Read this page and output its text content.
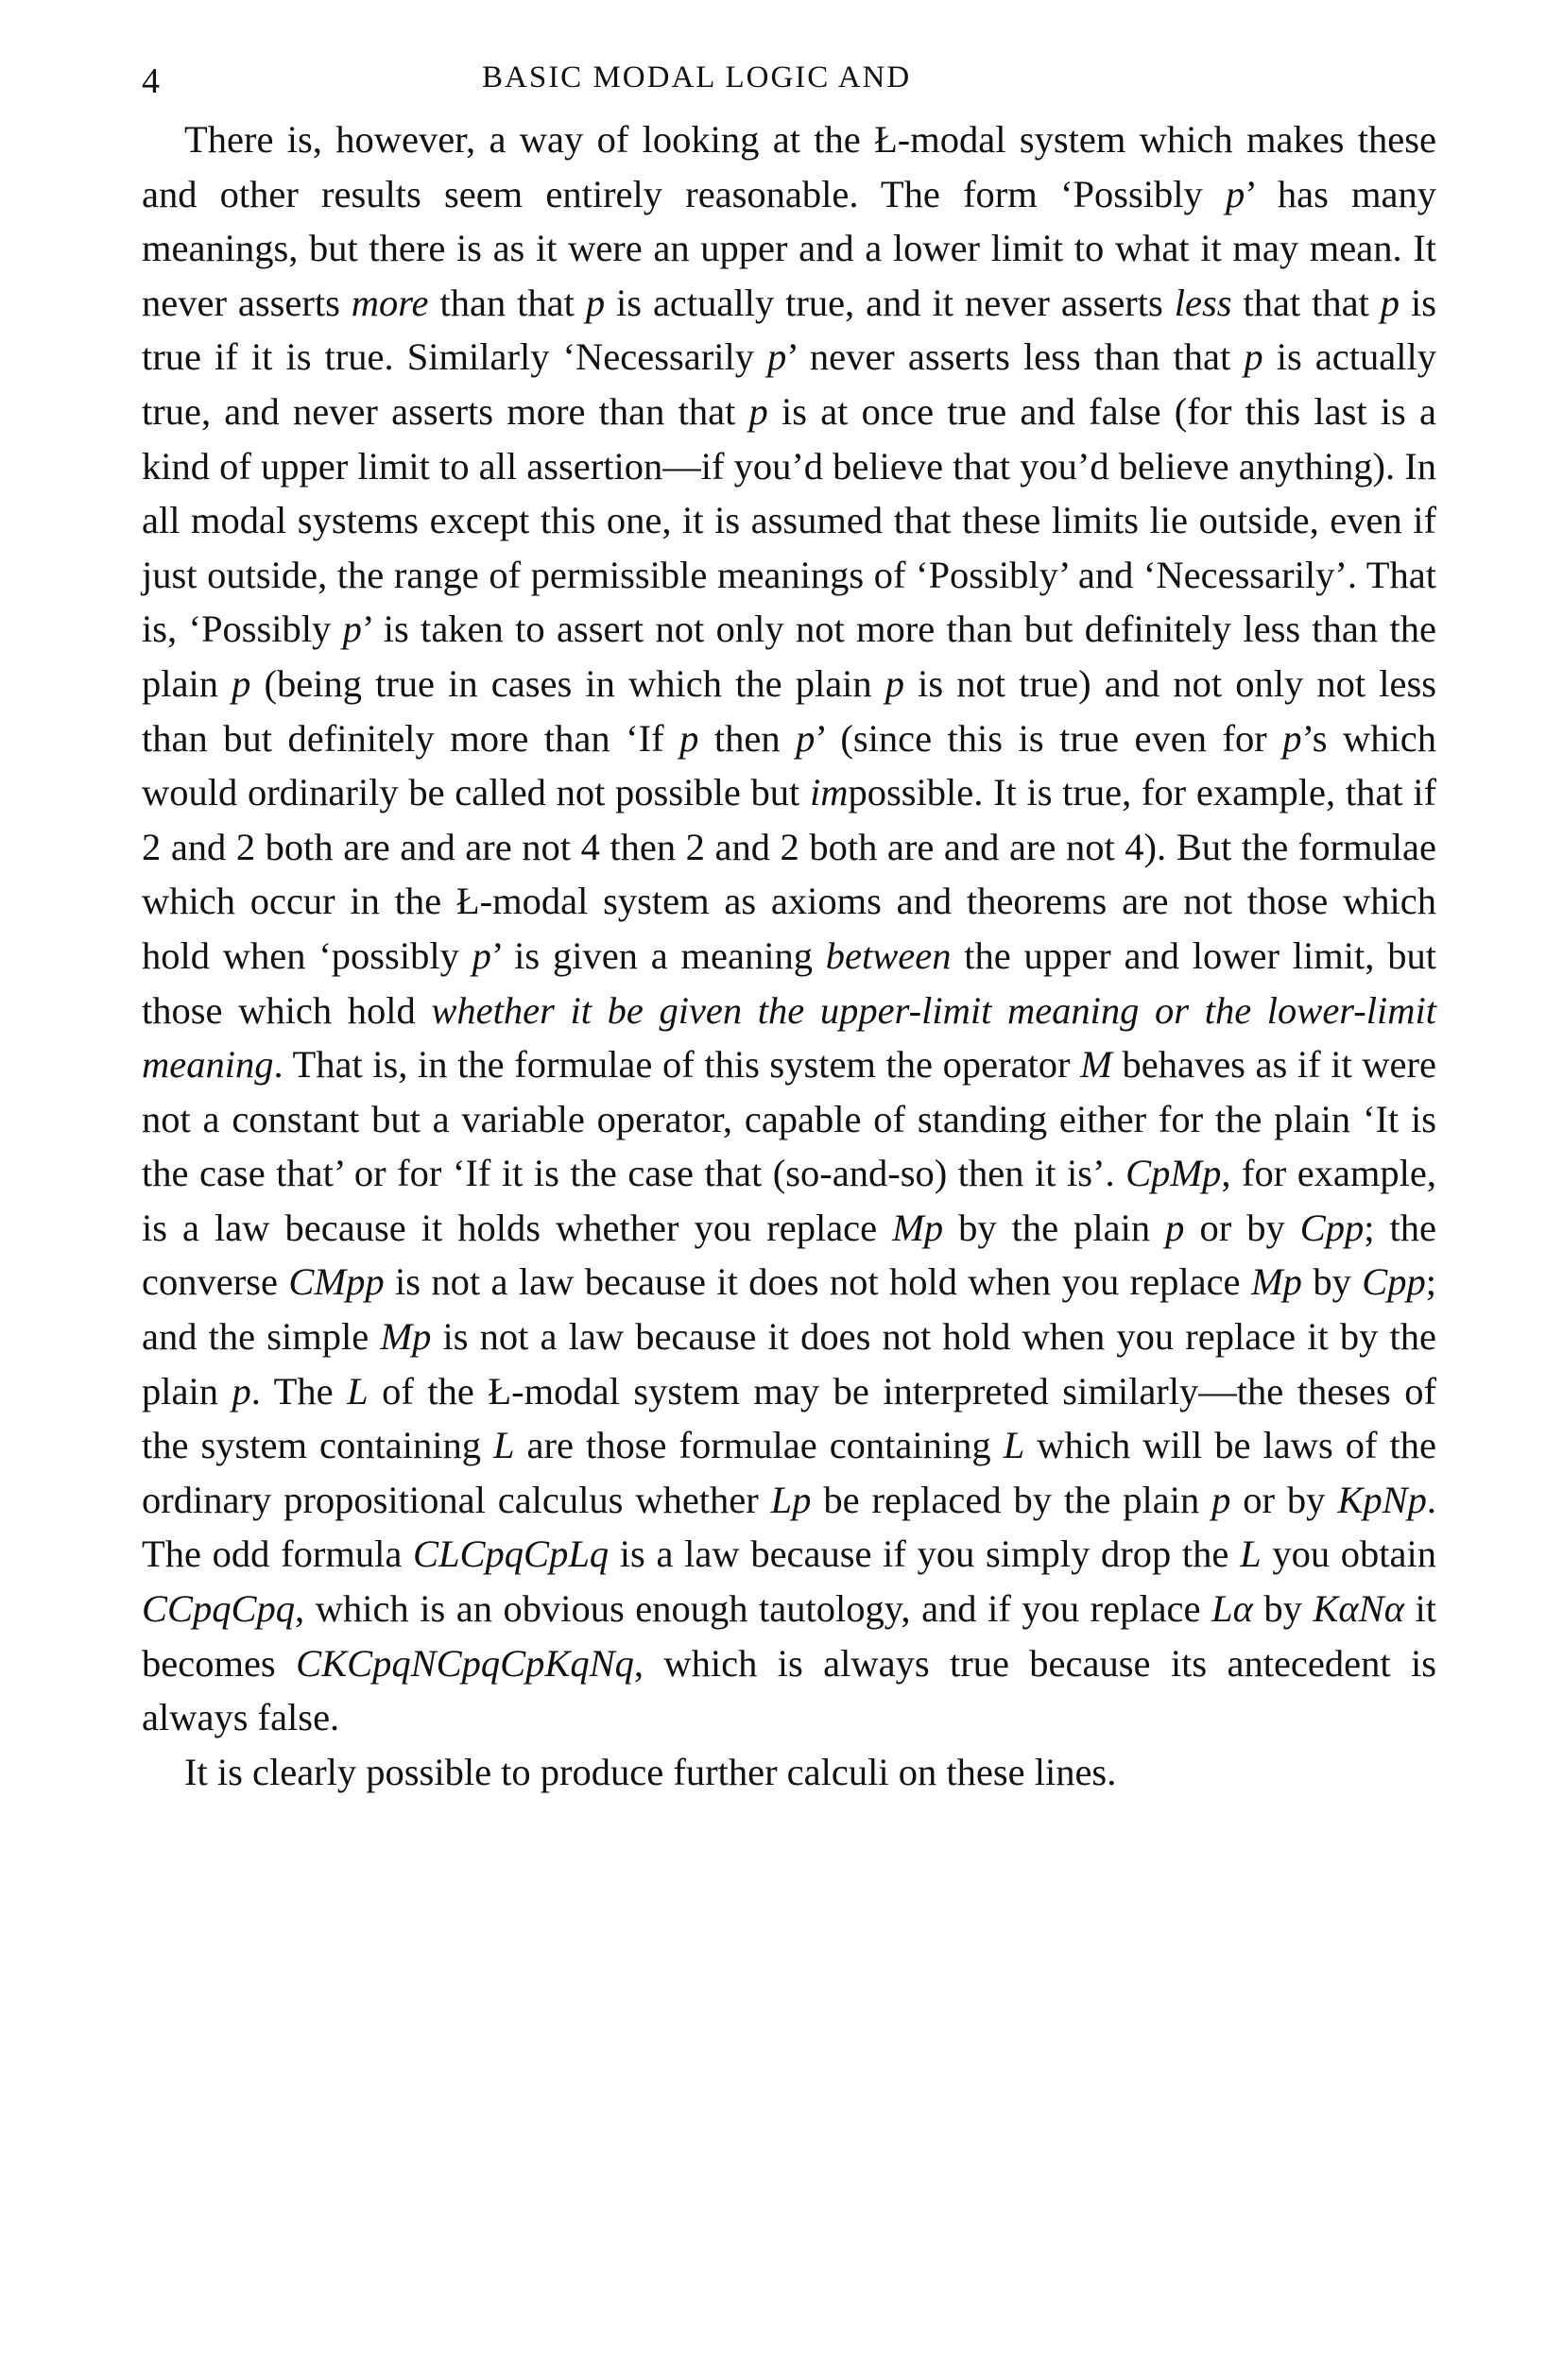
4	BASIC MODAL LOGIC AND

There is, however, a way of looking at the Ł-modal system which makes these and other results seem entirely reasonable. The form ‘Possibly p’ has many meanings, but there is as it were an upper and a lower limit to what it may mean. It never asserts more than that p is actually true, and it never asserts less that that p is true if it is true. Similarly ‘Necessarily p’ never asserts less than that p is actually true, and never asserts more than that p is at once true and false (for this last is a kind of upper limit to all assertion—if you’d believe that you’d believe anything). In all modal systems except this one, it is assumed that these limits lie outside, even if just outside, the range of permissible meanings of ‘Possibly’ and ‘Necessarily’. That is, ‘Possibly p’ is taken to assert not only not more than but definitely less than the plain p (being true in cases in which the plain p is not true) and not only not less than but definitely more than ‘If p then p’ (since this is true even for p’s which would ordinarily be called not possible but impossible. It is true, for example, that if 2 and 2 both are and are not 4 then 2 and 2 both are and are not 4). But the formulae which occur in the Ł-modal system as axioms and theorems are not those which hold when ‘possibly p’ is given a meaning between the upper and lower limit, but those which hold whether it be given the upper-limit meaning or the lower-limit meaning. That is, in the formulae of this system the operator M behaves as if it were not a constant but a variable operator, capable of standing either for the plain ‘It is the case that’ or for ‘If it is the case that (so-and-so) then it is’. CpMp, for example, is a law because it holds whether you replace Mp by the plain p or by Cpp; the converse CMpp is not a law because it does not hold when you replace Mp by Cpp; and the simple Mp is not a law because it does not hold when you replace it by the plain p. The L of the Ł-modal system may be interpreted similarly—the theses of the system containing L are those formulae containing L which will be laws of the ordinary propositional calculus whether Lp be replaced by the plain p or by KpNp. The odd formula CLCpqCpLq is a law because if you simply drop the L you obtain CCpqCpq, which is an obvious enough tautology, and if you replace Lα by KαNα it becomes CKCpqNCpqCpKqNq, which is always true because its antecedent is always false.

It is clearly possible to produce further calculi on these lines.
